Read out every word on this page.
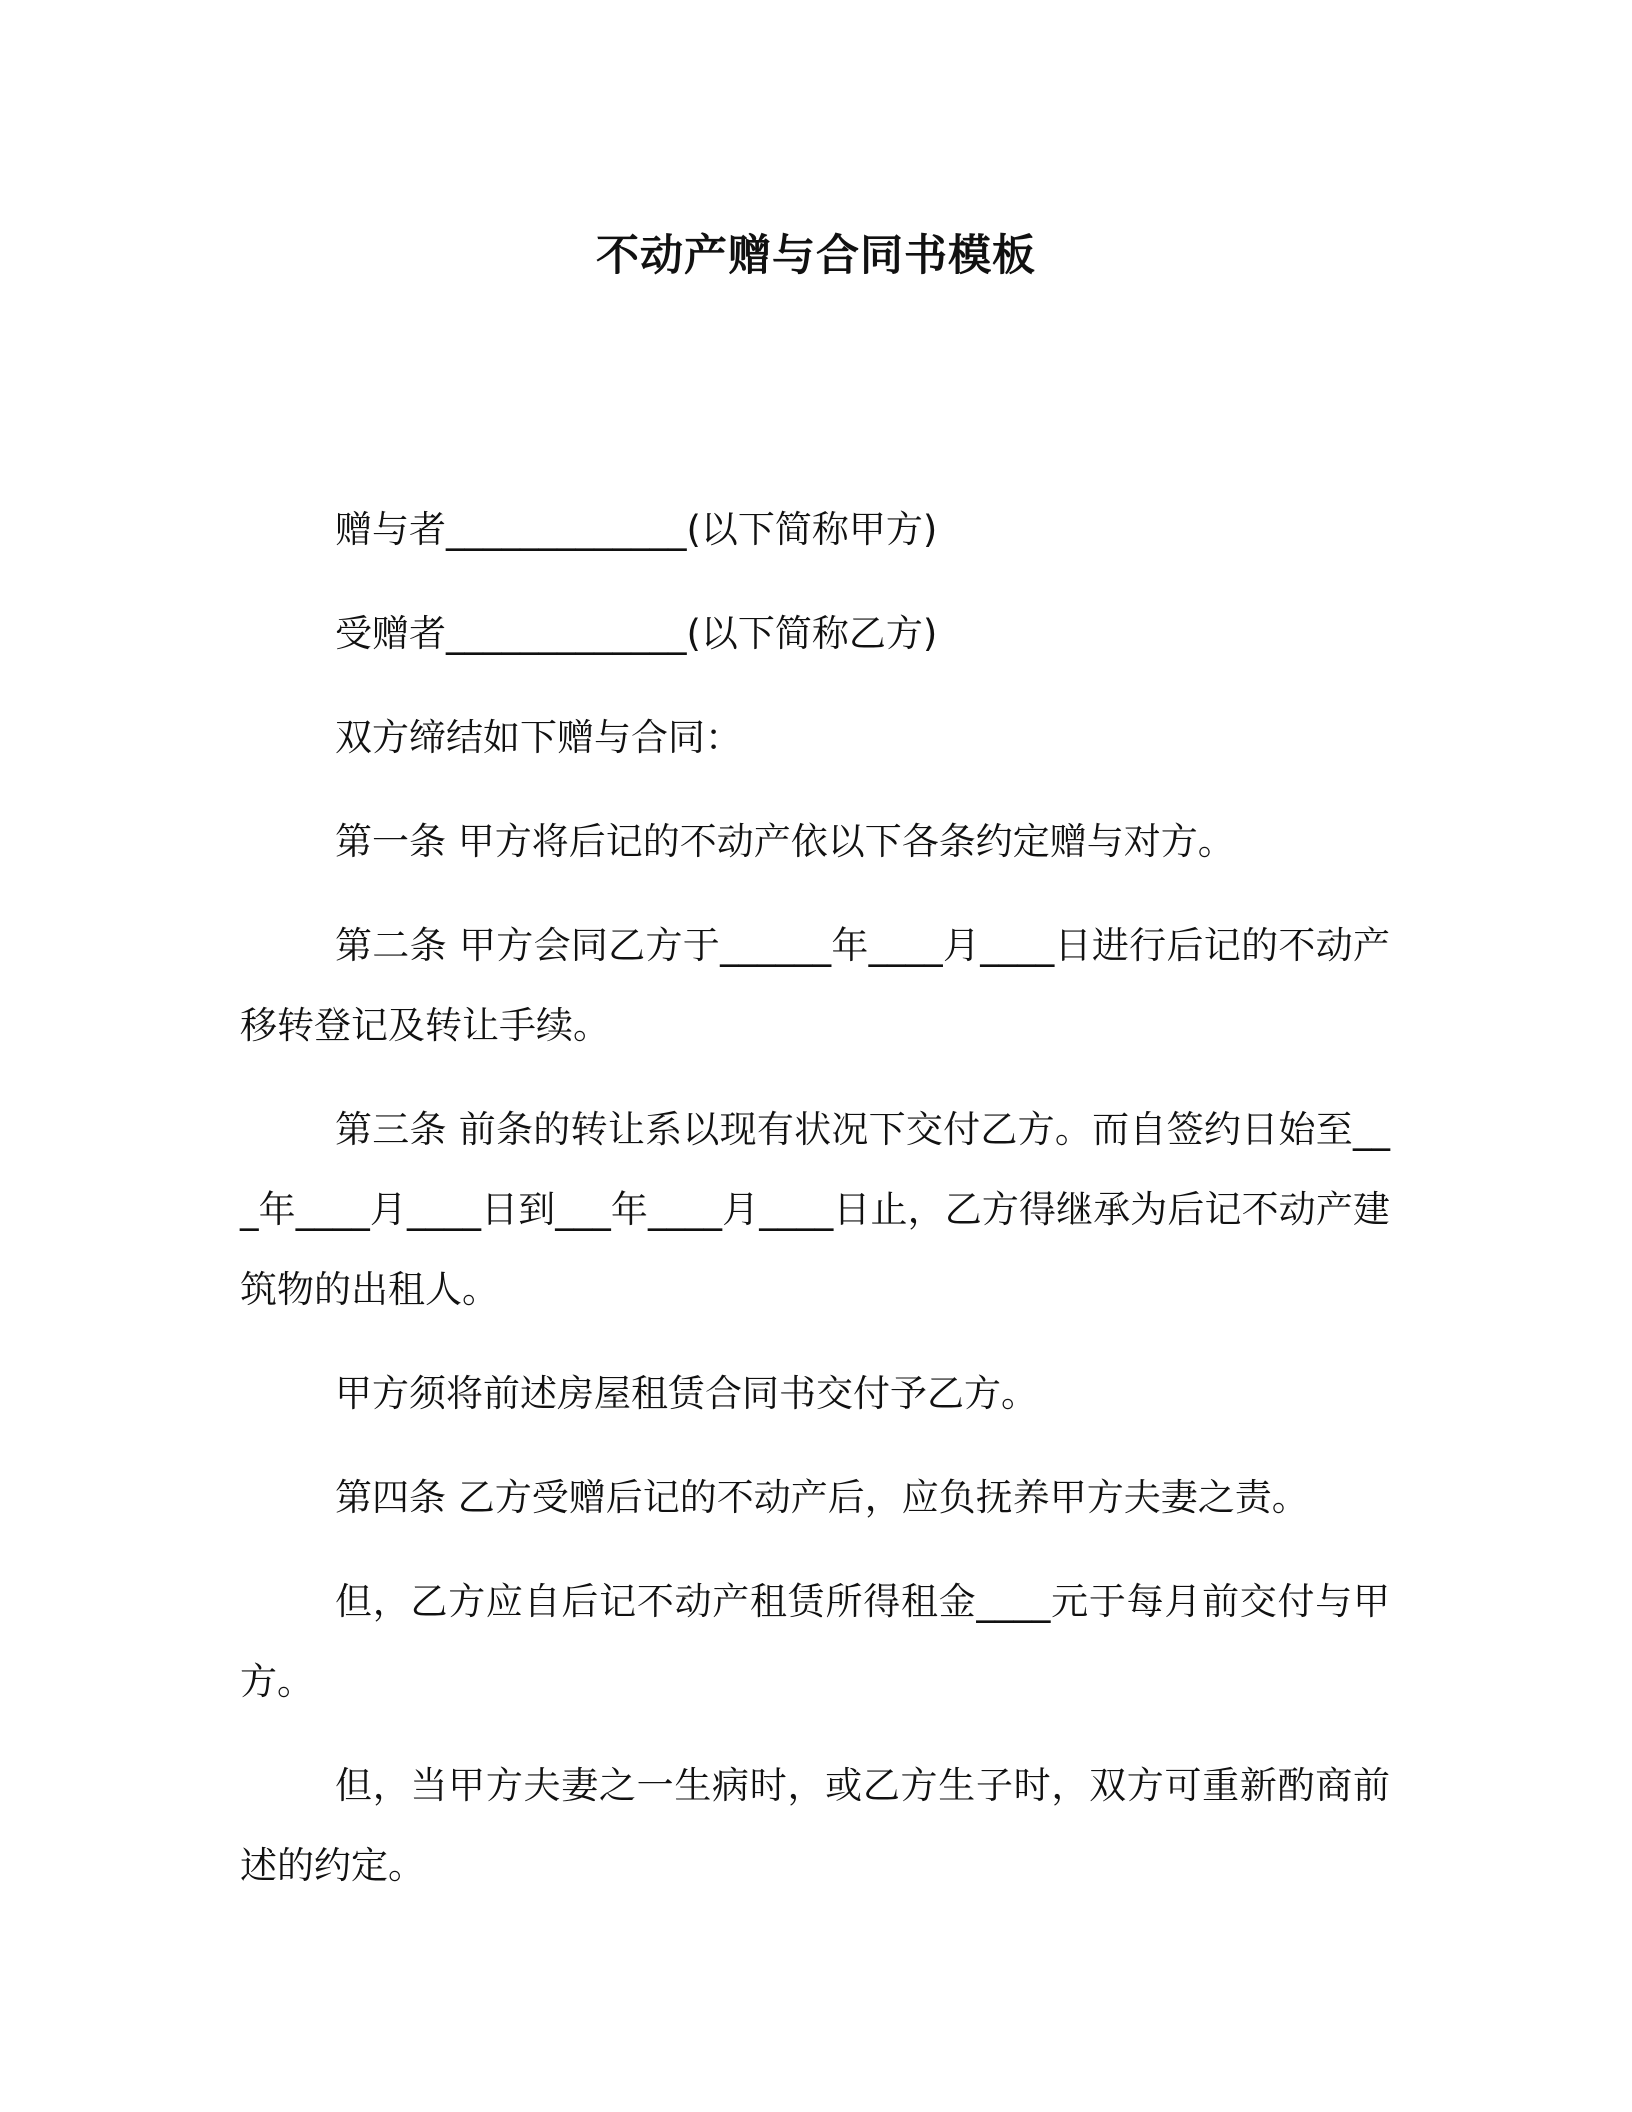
不动产赠与合同书模板

赠与者_____________(以下简称甲方)

受赠者_____________(以下简称乙方)

双方缔结如下赠与合同：

第一条 甲方将后记的不动产依以下各条约定赠与对方。

第二条 甲方会同乙方于______年____月____日进行后记的不动产移转登记及转让手续。

第三条 前条的转让系以现有状况下交付乙方。而自签约日始至___年____月____日到___年____月____日止，乙方得继承为后记不动产建筑物的出租人。

甲方须将前述房屋租赁合同书交付予乙方。

第四条 乙方受赠后记的不动产后，应负抚养甲方夫妻之责。

但，乙方应自后记不动产租赁所得租金____元于每月前交付与甲方。

但，当甲方夫妻之一生病时，或乙方生子时，双方可重新酌商前述的约定。
